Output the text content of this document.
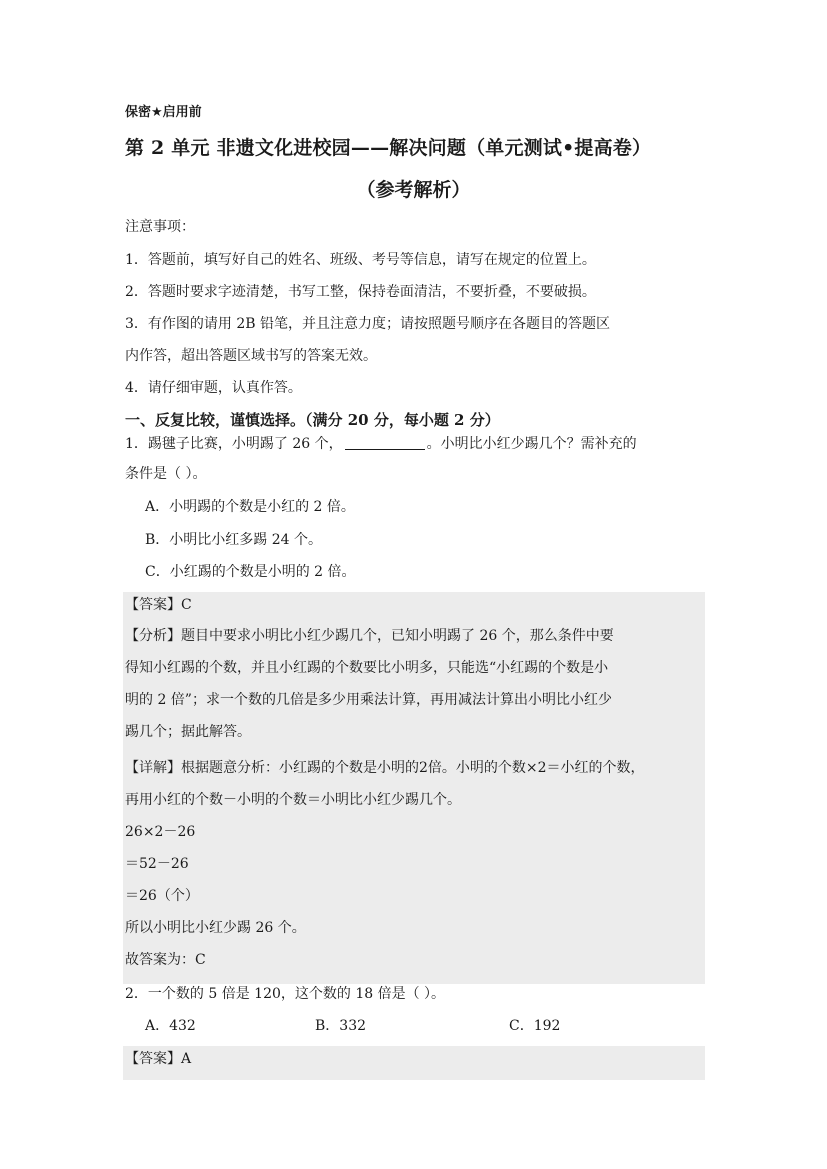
保密★启用前
第 2 单元 非遗文化进校园——解决问题（单元测试•提高卷）
（参考解析）
注意事项：
1．答题前，填写好自己的姓名、班级、考号等信息，请写在规定的位置上。
2．答题时要求字迹清楚，书写工整，保持卷面清洁，不要折叠，不要破损。
3．有作图的请用 2B 铅笔，并且注意力度；请按照题号顺序在各题目的答题区
内作答，超出答题区域书写的答案无效。
4．请仔细审题，认真作答。
一、反复比较，谨慎选择。（满分 20 分，每小题 2 分）
1．踢毽子比赛，小明踢了 26 个，	。小明比小红少踢几个？需补充的
条件是（ ）。
A．小明踢的个数是小红的 2 倍。
B．小明比小红多踢 24 个。
C．小红踢的个数是小明的 2 倍。
【答案】C
【分析】题目中要求小明比小红少踢几个，已知小明踢了 26 个，那么条件中要
得知小红踢的个数，并且小红踢的个数要比小明多，只能选“小红踢的个数是小
明的 2 倍”；求一个数的几倍是多少用乘法计算，再用减法计算出小明比小红少
踢几个；据此解答。
【详解】根据题意分析：小红踢的个数是小明的2倍。小明的个数×2＝小红的个数，
再用小红的个数－小明的个数＝小明比小红少踢几个。
26×2－26
＝52－26
＝26（个）
所以小明比小红少踢 26 个。
故答案为：C
2．一个数的 5 倍是 120，这个数的 18 倍是（ ）。
A．432	B．332	C．192
【答案】A
